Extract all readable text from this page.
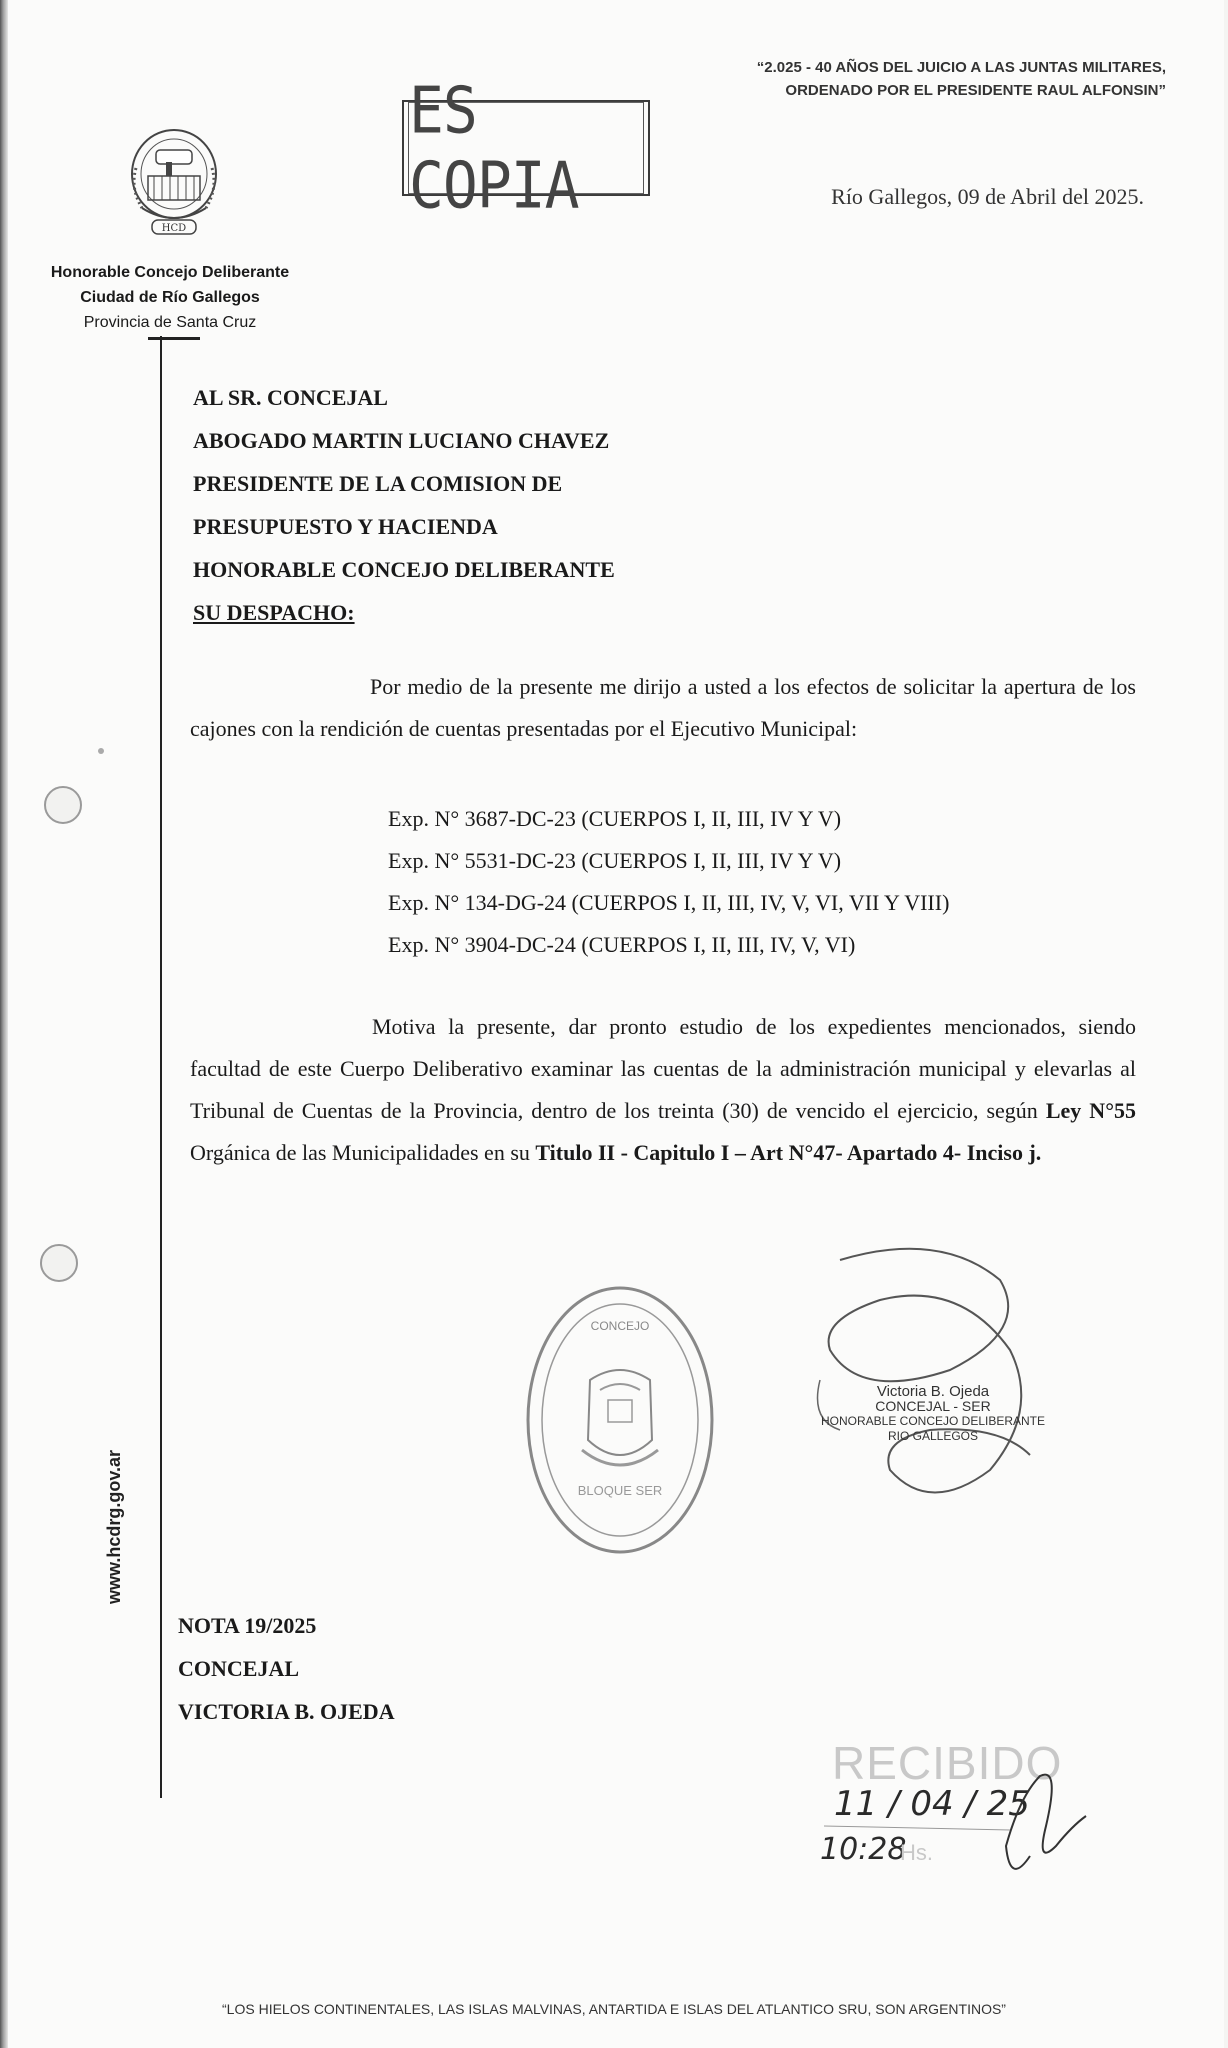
“2.025 - 40 AÑOS DEL JUICIO A LAS JUNTAS MILITARES,
ORDENADO POR EL PRESIDENTE RAUL ALFONSIN”
ES COPIA	Río Gallegos, 09 de Abril del 2025.
HCD
Honorable Concejo Deliberante
Ciudad de Río Gallegos
Provincia de Santa Cruz
AL SR. CONCEJAL
ABOGADO MARTIN LUCIANO CHAVEZ
PRESIDENTE DE LA COMISION DE
PRESUPUESTO Y HACIENDA
HONORABLE CONCEJO DELIBERANTE
SU DESPACHO:
Por medio de la presente me dirijo a usted a los efectos de solicitar la apertura de los cajones con la rendición de cuentas presentadas por el Ejecutivo Municipal:
Exp. N° 3687-DC-23 (CUERPOS I, II, III, IV Y V)
Exp. N° 5531-DC-23 (CUERPOS I, II, III, IV Y V)
Exp. N° 134-DG-24 (CUERPOS I, II, III, IV, V, VI, VII Y VIII)
Exp. N° 3904-DC-24 (CUERPOS I, II, III, IV, V, VI)
Motiva la presente, dar pronto estudio de los expedientes mencionados, siendo facultad de este Cuerpo Deliberativo examinar las cuentas de la administración municipal y elevarlas al Tribunal de Cuentas de la Provincia, dentro de los treinta (30) de vencido el ejercicio, según Ley N°55 Orgánica de las Municipalidades en su Titulo II - Capitulo I – Art N°47- Apartado 4- Inciso j.
BLOQUE SER
CONCEJO
Victoria B. Ojeda
CONCEJAL - SER
HONORABLE CONCEJO DELIBERANTE
RIO GALLEGOS
www.hcdrg.gov.ar
NOTA 19/2025
CONCEJAL
VICTORIA B. OJEDA
RECIBIDO
11 / 04 / 25
10:28
Hs.
“LOS HIELOS CONTINENTALES, LAS ISLAS MALVINAS, ANTARTIDA E ISLAS DEL ATLANTICO SRU, SON ARGENTINOS”
